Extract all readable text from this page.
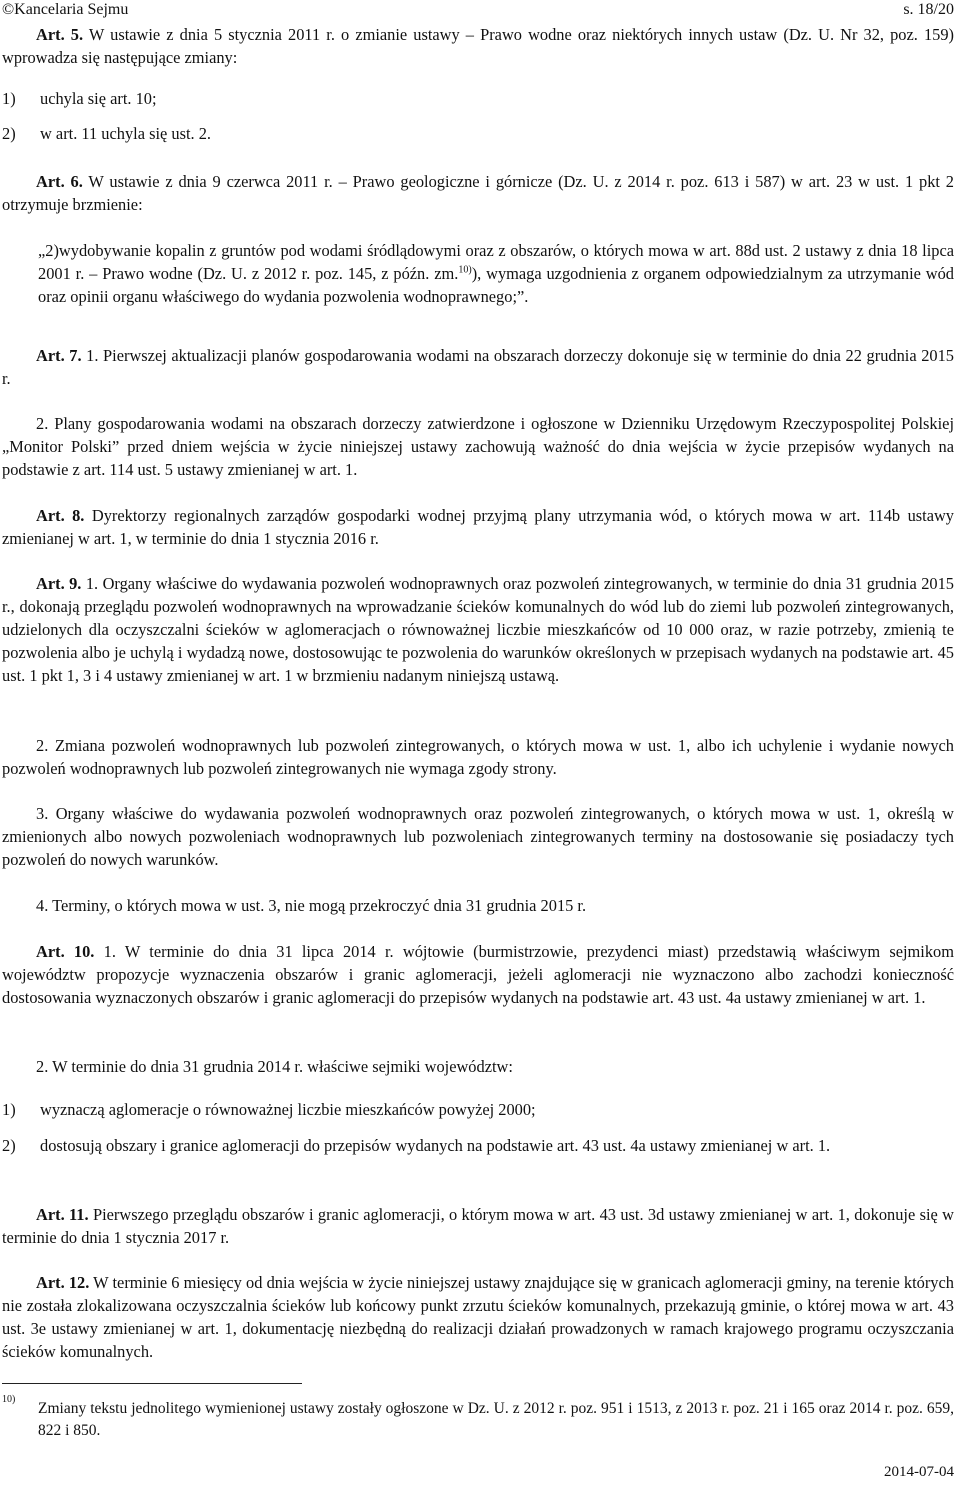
©Kancelaria Sejmu	s. 18/20
Art. 5. W ustawie z dnia 5 stycznia 2011 r. o zmianie ustawy – Prawo wodne oraz niektórych innych ustaw (Dz. U. Nr 32, poz. 159) wprowadza się następujące zmiany:
1) uchyla się art. 10;
2) w art. 11 uchyla się ust. 2.
Art. 6. W ustawie z dnia 9 czerwca 2011 r. – Prawo geologiczne i górnicze (Dz. U. z 2014 r. poz. 613 i 587) w art. 23 w ust. 1 pkt 2 otrzymuje brzmienie:
„2)wydobywanie kopalin z gruntów pod wodami śródlądowymi oraz z obszarów, o których mowa w art. 88d ust. 2 ustawy z dnia 18 lipca 2001 r. – Prawo wodne (Dz. U. z 2012 r. poz. 145, z późn. zm.$^{10)}$), wymaga uzgodnienia z organem odpowiedzialnym za utrzymanie wód oraz opinii organu właściwego do wydania pozwolenia wodnoprawnego;”.
Art. 7. 1. Pierwszej aktualizacji planów gospodarowania wodami na obszarach dorzeczy dokonuje się w terminie do dnia 22 grudnia 2015 r.
2. Plany gospodarowania wodami na obszarach dorzeczy zatwierdzone i ogłoszone w Dzienniku Urzędowym Rzeczypospolitej Polskiej „Monitor Polski” przed dniem wejścia w życie niniejszej ustawy zachowują ważność do dnia wejścia w życie przepisów wydanych na podstawie z art. 114 ust. 5 ustawy zmienianej w art. 1.
Art. 8. Dyrektorzy regionalnych zarządów gospodarki wodnej przyjmą plany utrzymania wód, o których mowa w art. 114b ustawy zmienianej w art. 1, w terminie do dnia 1 stycznia 2016 r.
Art. 9. 1. Organy właściwe do wydawania pozwoleń wodnoprawnych oraz pozwoleń zintegrowanych, w terminie do dnia 31 grudnia 2015 r., dokonają przeglądu pozwoleń wodnoprawnych na wprowadzanie ścieków komunalnych do wód lub do ziemi lub pozwoleń zintegrowanych, udzielonych dla oczyszczalni ścieków w aglomeracjach o równoważnej liczbie mieszkańców od 10 000 oraz, w razie potrzeby, zmienią te pozwolenia albo je uchylą i wydadzą nowe, dostosowując te pozwolenia do warunków określonych w przepisach wydanych na podstawie art. 45 ust. 1 pkt 1, 3 i 4 ustawy zmienianej w art. 1 w brzmieniu nadanym niniejszą ustawą.
2. Zmiana pozwoleń wodnoprawnych lub pozwoleń zintegrowanych, o których mowa w ust. 1, albo ich uchylenie i wydanie nowych pozwoleń wodnoprawnych lub pozwoleń zintegrowanych nie wymaga zgody strony.
3. Organy właściwe do wydawania pozwoleń wodnoprawnych oraz pozwoleń zintegrowanych, o których mowa w ust. 1, określą w zmienionych albo nowych pozwoleniach wodnoprawnych lub pozwoleniach zintegrowanych terminy na dostosowanie się posiadaczy tych pozwoleń do nowych warunków.
4. Terminy, o których mowa w ust. 3, nie mogą przekroczyć dnia 31 grudnia 2015 r.
Art. 10. 1. W terminie do dnia 31 lipca 2014 r. wójtowie (burmistrzowie, prezydenci miast) przedstawią właściwym sejmikom województw propozycje wyznaczenia obszarów i granic aglomeracji, jeżeli aglomeracji nie wyznaczono albo zachodzi konieczność dostosowania wyznaczonych obszarów i granic aglomeracji do przepisów wydanych na podstawie art. 43 ust. 4a ustawy zmienianej w art. 1.
2. W terminie do dnia 31 grudnia 2014 r. właściwe sejmiki województw:
1) wyznaczą aglomeracje o równoważnej liczbie mieszkańców powyżej 2000;
2) dostosują obszary i granice aglomeracji do przepisów wydanych na podstawie art. 43 ust. 4a ustawy zmienianej w art. 1.
Art. 11. Pierwszego przeglądu obszarów i granic aglomeracji, o którym mowa w art. 43 ust. 3d ustawy zmienianej w art. 1, dokonuje się w terminie do dnia 1 stycznia 2017 r.
Art. 12. W terminie 6 miesięcy od dnia wejścia w życie niniejszej ustawy znajdujące się w granicach aglomeracji gminy, na terenie których nie została zlokalizowana oczyszczalnia ścieków lub końcowy punkt zrzutu ścieków komunalnych, przekazują gminie, o której mowa w art. 43 ust. 3e ustawy zmienianej w art. 1, dokumentację niezbędną do realizacji działań prowadzonych w ramach krajowego programu oczyszczania ścieków komunalnych.
10)
Zmiany tekstu jednolitego wymienionej ustawy zostały ogłoszone w Dz. U. z 2012 r. poz. 951 i 1513, z 2013 r. poz. 21 i 165 oraz 2014 r. poz. 659, 822 i 850.
2014-07-04
